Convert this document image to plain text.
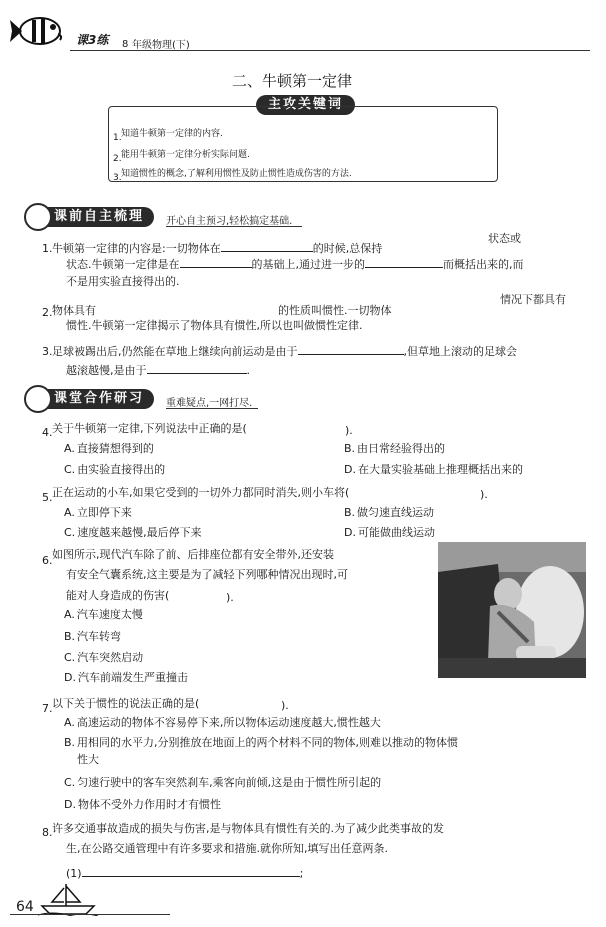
课3练 8 年级物理(下)
二、牛顿第一定律
主攻关键词
1. 知道牛顿第一定律的内容.
2. 能用牛顿第一定律分析实际问题.
3. 知道惯性的概念,了解利用惯性及防止惯性造成伤害的方法.
课前自主梳理	开心自主预习,轻松搞定基础.
1. 牛顿第一定律的内容是:一切物体在	的时候,总保持
状态或
状态.牛顿第一定律是在	的基础上,通过进一步的	而概括出来的,而
不是用实验直接得出的.
2. 物体具有	的性质叫惯性.一切物体
情况下都具有
惯性.牛顿第一定律揭示了物体具有惯性,所以也叫做惯性定律.
3. 足球被踢出后,仍然能在草地上继续向前运动是由于	,但草地上滚动的足球会
越滚越慢,是由于	.
课堂合作研习	重难疑点,一网打尽.
4. 关于牛顿第一定律,下列说法中正确的是(	).
A. 直接猜想得到的	B. 由日常经验得出的
C. 由实验直接得出的	D. 在大量实验基础上推理概括出来的
5. 正在运动的小车,如果它受到的一切外力都同时消失,则小车将(	).
A. 立即停下来	B. 做匀速直线运动
C. 速度越来越慢,最后停下来	D. 可能做曲线运动
6. 如图所示,现代汽车除了前、后排座位都有安全带外,还安装
有安全气囊系统,这主要是为了减轻下列哪种情况出现时,可
能对人身造成的伤害(	).
A. 汽车速度太慢
B. 汽车转弯
C. 汽车突然启动
D. 汽车前端发生严重撞击
7. 以下关于惯性的说法正确的是(	).
A. 高速运动的物体不容易停下来,所以物体运动速度越大,惯性越大
B. 用相同的水平力,分别推放在地面上的两个材料不同的物体,则难以推动的物体惯
性大
C. 匀速行驶中的客车突然刹车,乘客向前倾,这是由于惯性所引起的
D. 物体不受外力作用时才有惯性
8. 许多交通事故造成的损失与伤害,是与物体具有惯性有关的.为了减少此类事故的发
生,在公路交通管理中有许多要求和措施.就你所知,填写出任意两条.
(1)	;
64
